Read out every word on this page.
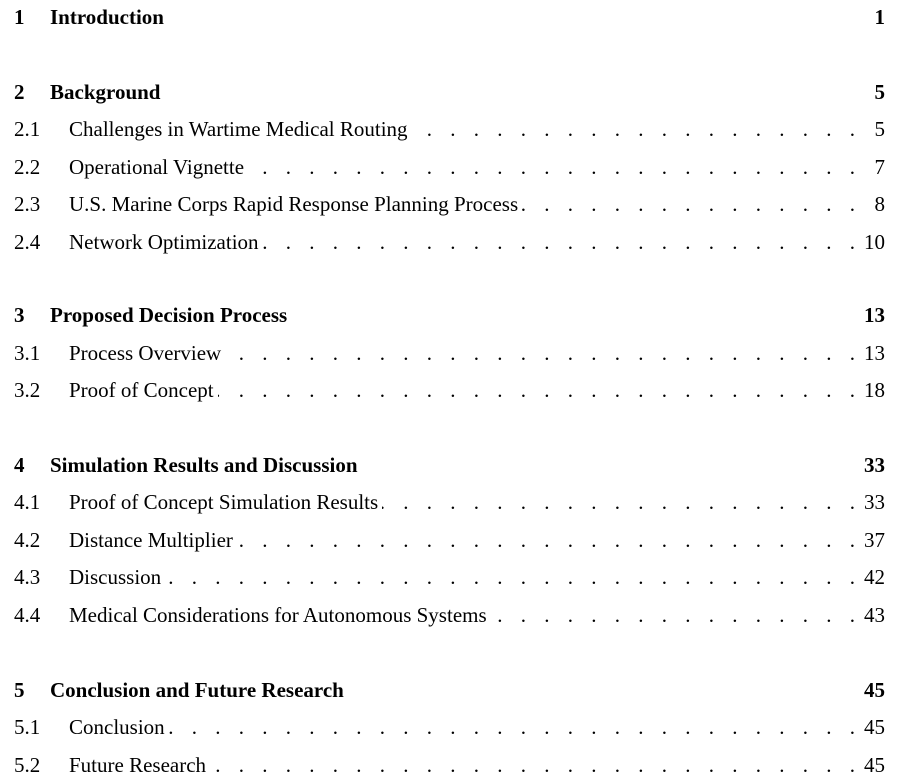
1 Introduction	1
2 Background	5
2.1 . . . Challenges in Wartime Medical Routing	5
2.2 . . . Operational Vignette	7
2.3 . . . U.S. Marine Corps Rapid Response Planning Process	8
2.4 . . . Network Optimization	10
3 Proposed Decision Process	13
3.1 . . . Process Overview	13
3.2 . . . Proof of Concept	18
4 Simulation Results and Discussion	33
4.1 . . . Proof of Concept Simulation Results	33
4.2 . . . Distance Multiplier	37
4.3 . . . Discussion	42
4.4 . . . Medical Considerations for Autonomous Systems	43
5 Conclusion and Future Research	45
5.1 . . . Conclusion	45
5.2 . . . Future Research	45
